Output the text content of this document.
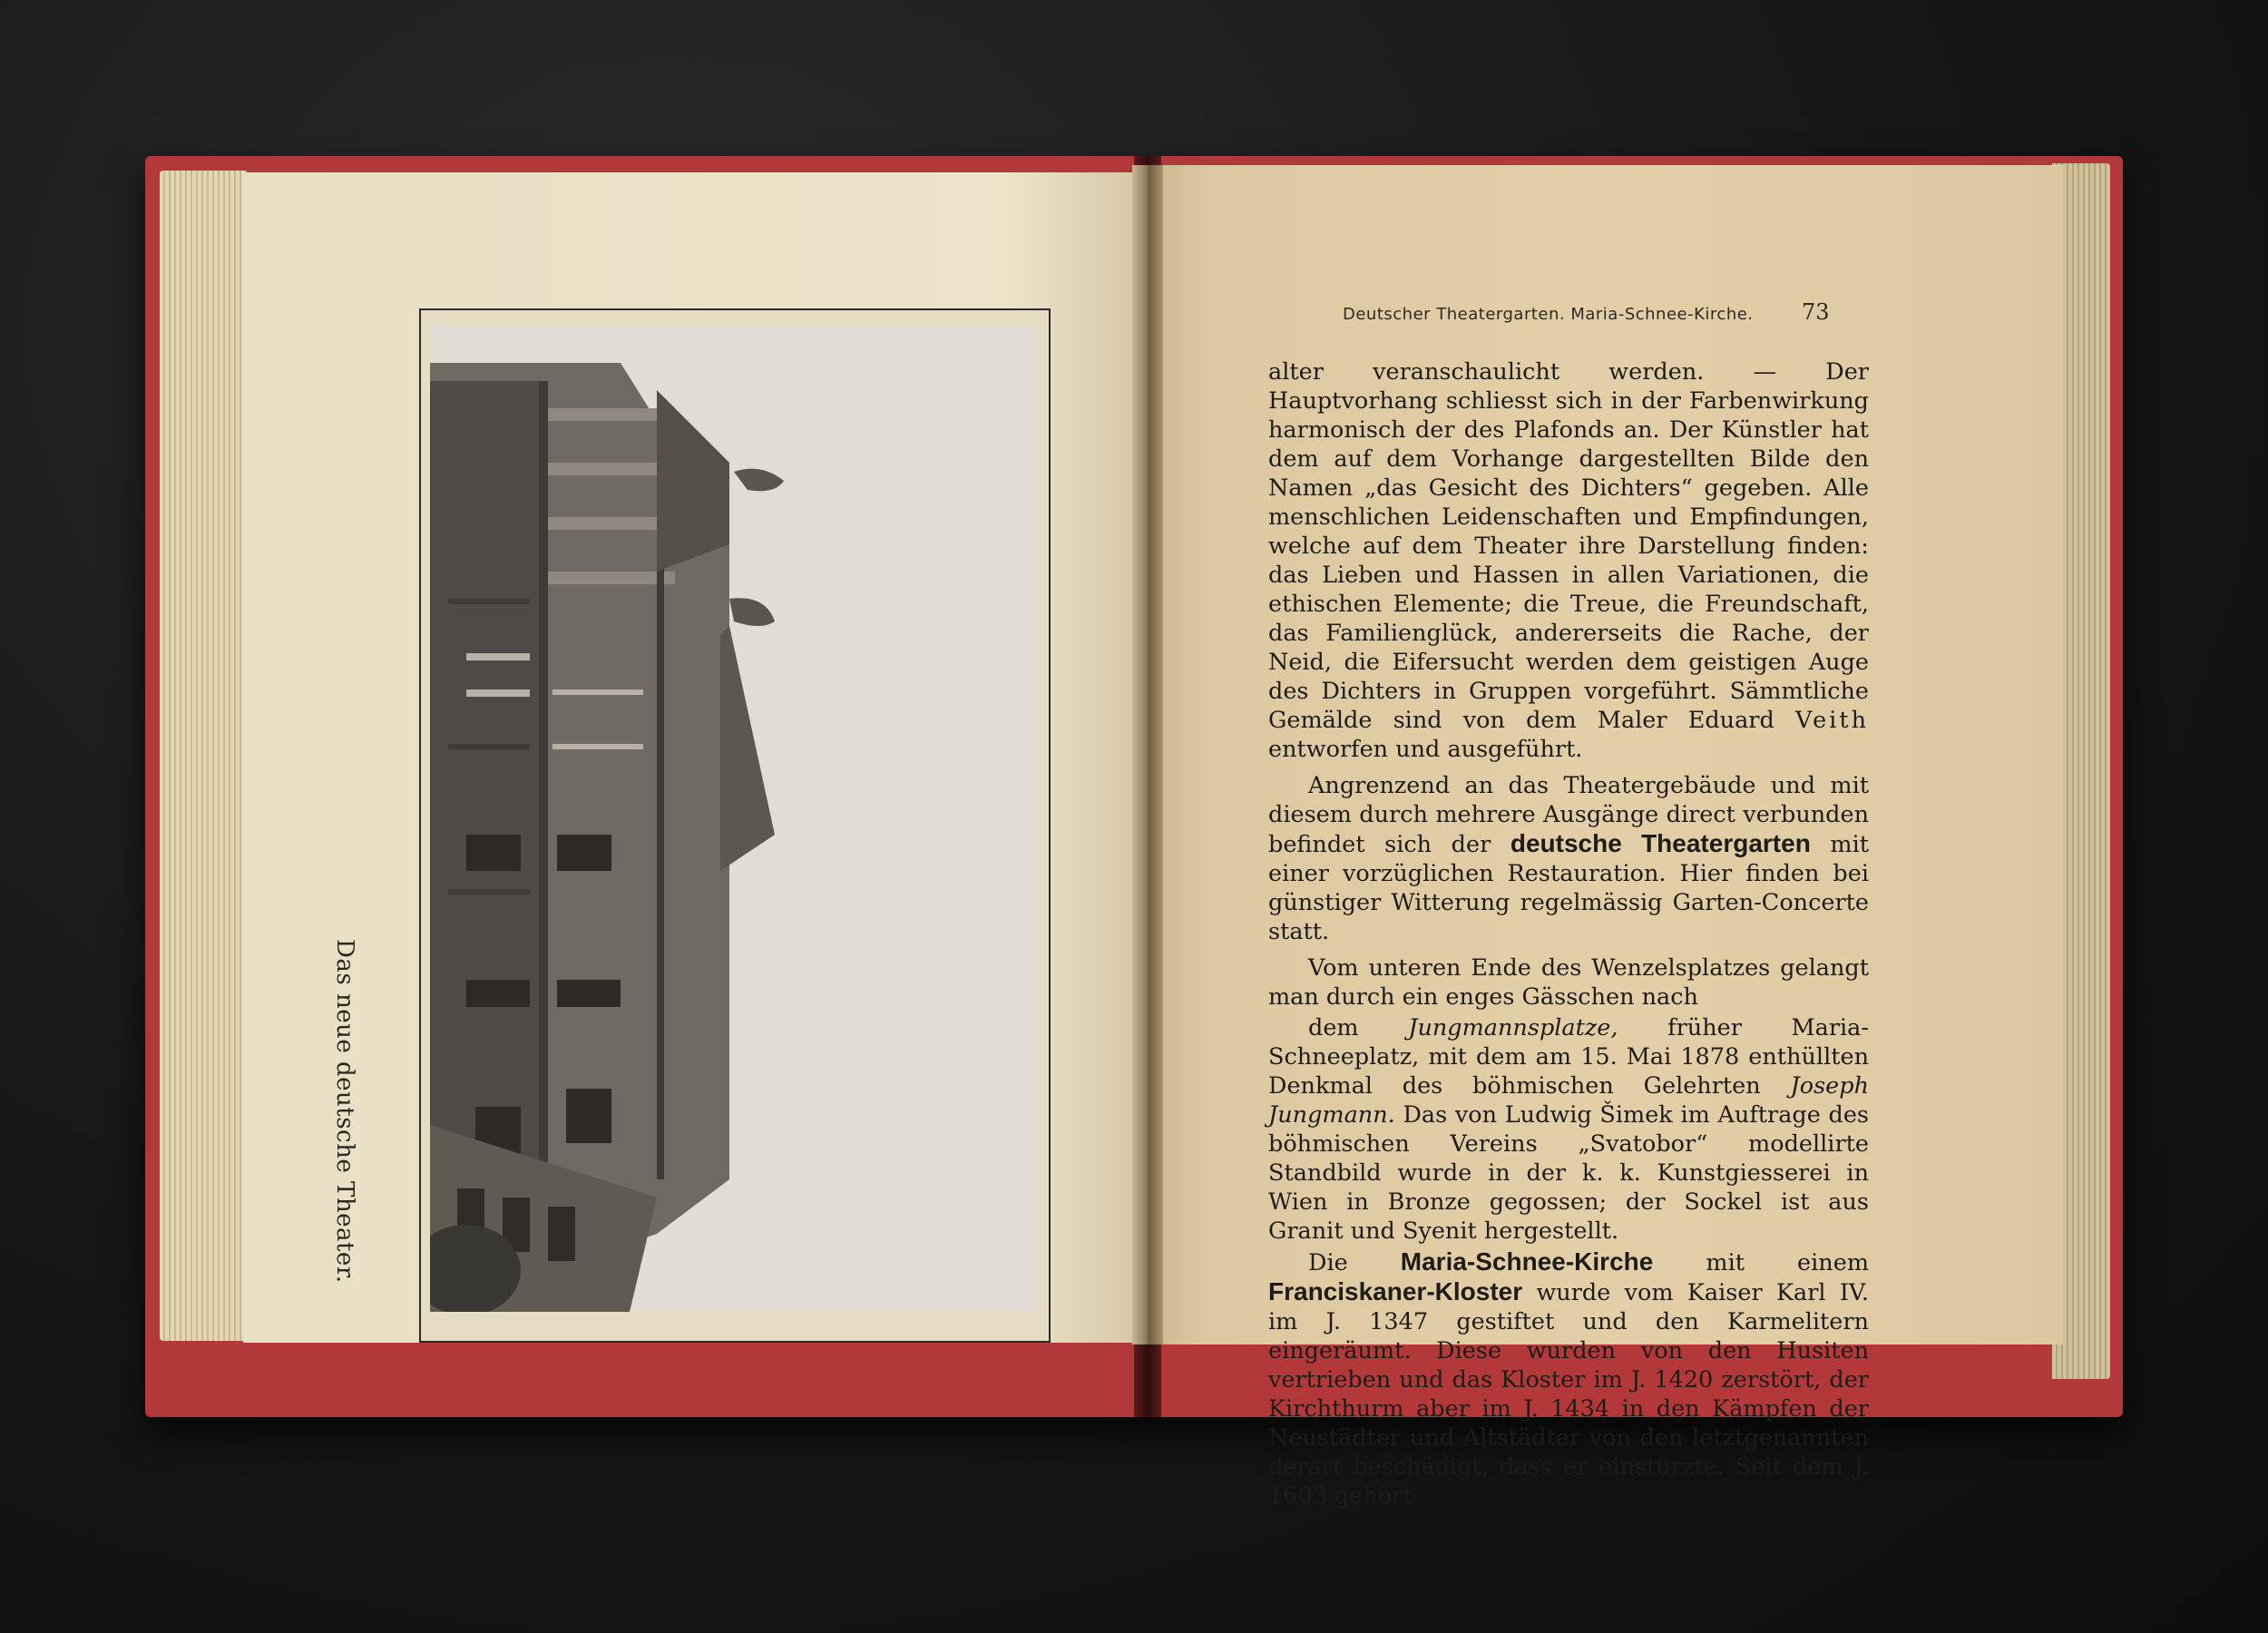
Das neue deutsche Theater.
Deutscher Theatergarten. Maria-Schnee-Kirche.	73

alter veranschaulicht werden. — Der Hauptvorhang schliesst sich in der Farbenwirkung harmonisch der des Plafonds an. Der Künstler hat dem auf dem Vorhange dargestellten Bilde den Namen „das Gesicht des Dichters“ gegeben. Alle menschlichen Leidenschaften und Empfindungen, welche auf dem Theater ihre Darstellung finden: das Lieben und Hassen in allen Variationen, die ethischen Elemente; die Treue, die Freundschaft, das Familienglück, andererseits die Rache, der Neid, die Eifersucht werden dem geistigen Auge des Dichters in Gruppen vorgeführt. Sämmtliche Gemälde sind von dem Maler Eduard Veith entworfen und ausgeführt.

Angrenzend an das Theatergebäude und mit diesem durch mehrere Ausgänge direct verbunden befindet sich der deutsche Theatergarten mit einer vorzüglichen Restauration. Hier finden bei günstiger Witterung regelmässig Garten-Concerte statt.

Vom unteren Ende des Wenzelsplatzes gelangt man durch ein enges Gässchen nach

dem Jungmannsplatze, früher Maria-Schneeplatz, mit dem am 15. Mai 1878 enthüllten Denkmal des böhmischen Gelehrten Joseph Jungmann. Das von Ludwig Šimek im Auftrage des böhmischen Vereins „Svatobor“ modellirte Standbild wurde in der k. k. Kunstgiesserei in Wien in Bronze gegossen; der Sockel ist aus Granit und Syenit hergestellt.

Die Maria-Schnee-Kirche mit einem Franciskaner-Kloster wurde vom Kaiser Karl IV. im J. 1347 gestiftet und den Karmelitern eingeräumt. Diese wurden von den Husiten vertrieben und das Kloster im J. 1420 zerstört, der Kirchthurm aber im J. 1434 in den Kämpfen der Neustädter und Altstädter von den letztgenannten derart beschädigt, dass er einstürzte. Seit dem J. 1603 gehört
